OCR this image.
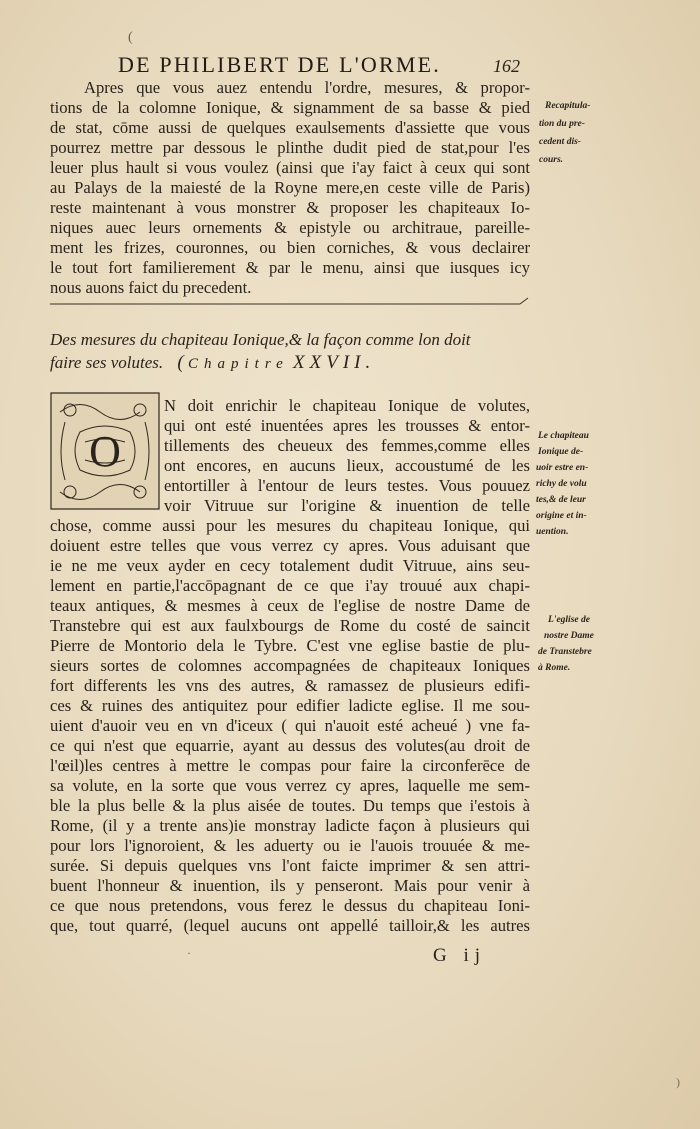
(
DE PHILIBERT DE L'ORME.	162
Apres que vous auez entendu l'ordre, mesures, & propor-
tions de la colomne Ionique, & signamment de sa basse & pied
de stat, cōme aussi de quelques exaulsements d'assiette que vous
pourrez mettre par dessous le plinthe dudit pied de stat,pour l'es
leuer plus hault si vous voulez (ainsi que i'ay faict à ceux qui sont
au Palays de la maiesté de la Royne mere,en ceste ville de Paris)
reste maintenant à vous monstrer & proposer les chapiteaux Io-
niques auec leurs ornements & epistyle ou architraue, pareille-
ment les frizes, couronnes, ou bien corniches, & vous declairer
le tout fort familierement & par le menu, ainsi que iusques icy
nous auons faict du precedent.
Recapitula-
tion du pre-
cedent dis-
cours.
Des mesures du chapiteau Ionique,& la façon comme lon doit
faire ses volutes. ( Chapitre XXVII.
O
N doit enrichir le chapiteau Ionique de volutes,
qui ont esté inuentées apres les trousses & entor-
tillements des cheueux des femmes,comme elles
ont encores, en aucuns lieux, accoustumé de les
entortiller à l'entour de leurs testes. Vous pouuez
voir Vitruue sur l'origine & inuention de telle
chose, comme aussi pour les mesures du chapiteau Ionique, qui
doiuent estre telles que vous verrez cy apres. Vous aduisant que
ie ne me veux ayder en cecy totalement dudit Vitruue, ains seu-
lement en partie,l'accōpagnant de ce que i'ay trouué aux chapi-
teaux antiques, & mesmes à ceux de l'eglise de nostre Dame de
Transtebre qui est aux faulxbourgs de Rome du costé de saincit
Pierre de Montorio dela le Tybre. C'est vne eglise bastie de plu-
sieurs sortes de colomnes accompagnées de chapiteaux Ioniques
fort differents les vns des autres, & ramassez de plusieurs edifi-
ces & ruines des antiquitez pour edifier ladicte eglise. Il me sou-
uient d'auoir veu en vn d'iceux ( qui n'auoit esté acheué ) vne fa-
ce qui n'est que equarrie, ayant au dessus des volutes(au droit de
l'œil)les centres à mettre le compas pour faire la circonferēce de
sa volute, en la sorte que vous verrez cy apres, laquelle me sem-
ble la plus belle & la plus aisée de toutes. Du temps que i'estois à
Rome, (il y a trente ans)ie monstray ladicte façon à plusieurs qui
pour lors l'ignoroient, & les aduerty ou ie l'auois trouuée & me-
surée. Si depuis quelques vns l'ont faicte imprimer & sen attri-
buent l'honneur & inuention, ils y penseront. Mais pour venir à
ce que nous pretendons, vous ferez le dessus du chapiteau Ioni-
que, tout quarré, (lequel aucuns ont appellé tailloir,& les autres
Le chapiteau
Ionique de-
uoir estre en-
richy de volu
tes,& de leur
origine et in-
uention.
L'eglise de
nostre Dame
de Transtebre
à Rome.
·	G ij
)
